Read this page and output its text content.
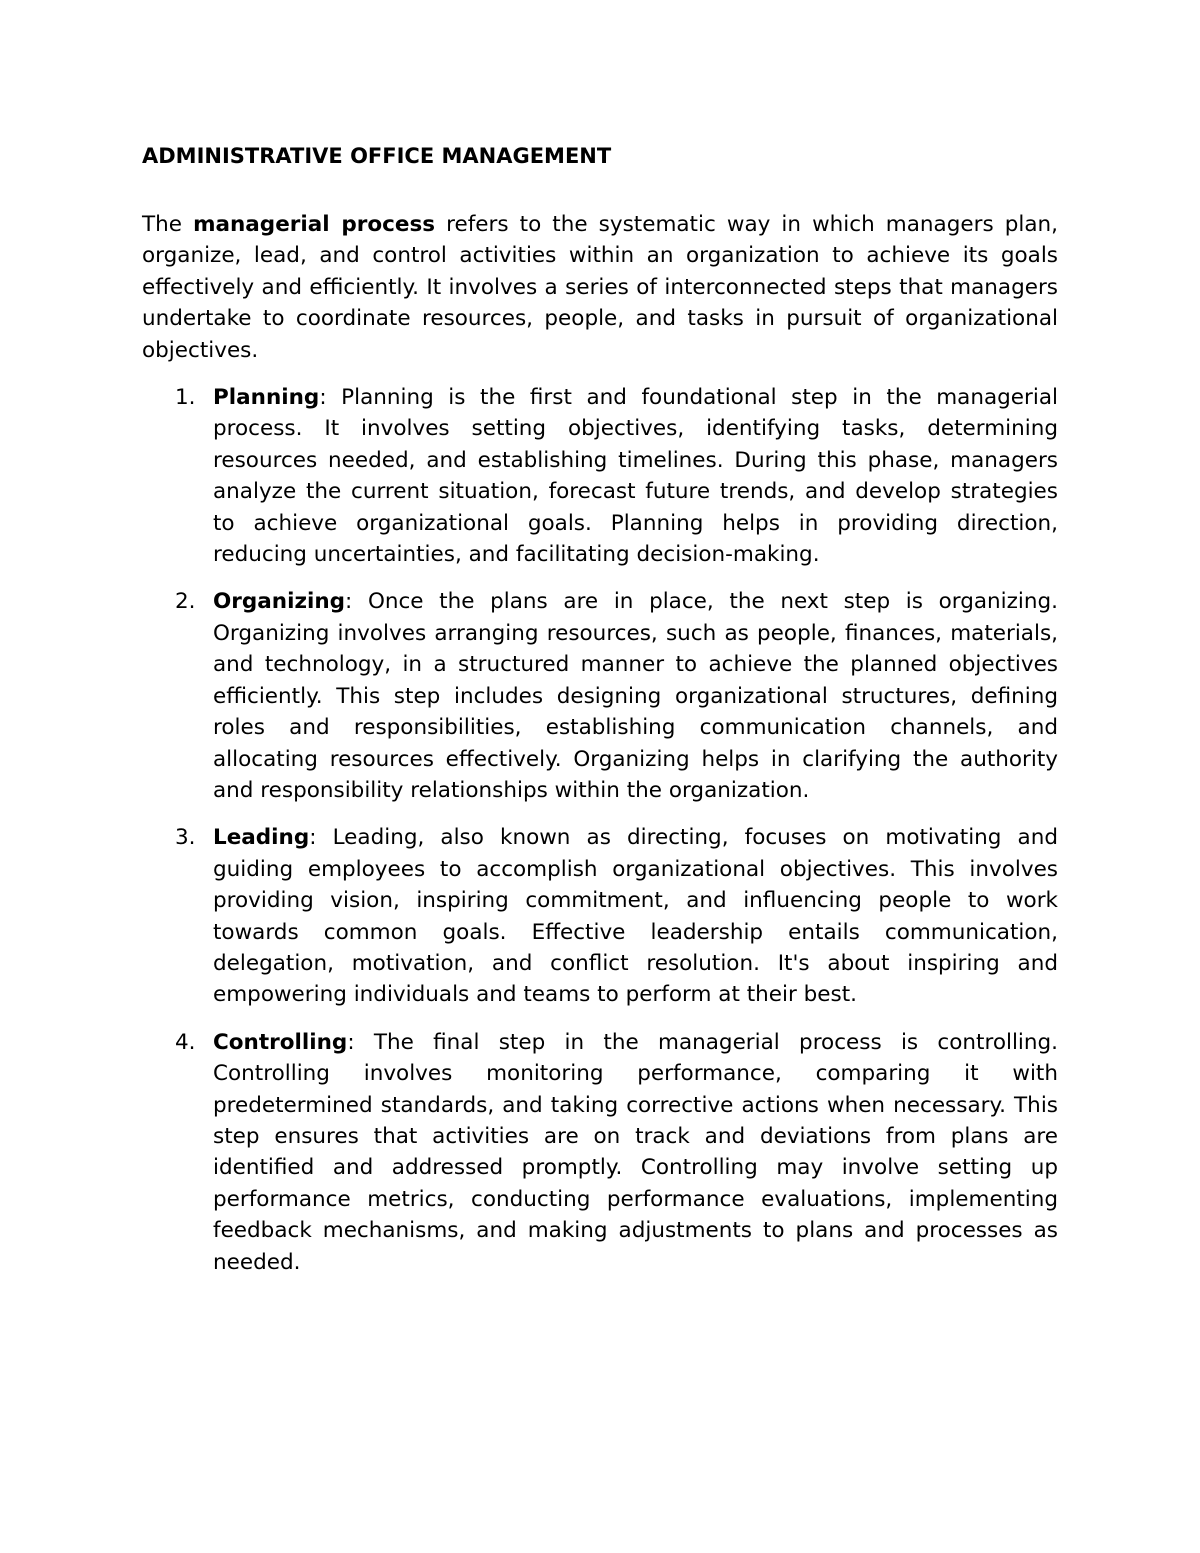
ADMINISTRATIVE OFFICE MANAGEMENT

The managerial process refers to the systematic way in which managers plan, organize, lead, and control activities within an organization to achieve its goals effectively and efficiently. It involves a series of interconnected steps that managers undertake to coordinate resources, people, and tasks in pursuit of organizational objectives.

1. Planning: Planning is the first and foundational step in the managerial process. It involves setting objectives, identifying tasks, determining resources needed, and establishing timelines. During this phase, managers analyze the current situation, forecast future trends, and develop strategies to achieve organizational goals. Planning helps in providing direction, reducing uncertainties, and facilitating decision-making.
2. Organizing: Once the plans are in place, the next step is organizing. Organizing involves arranging resources, such as people, finances, materials, and technology, in a structured manner to achieve the planned objectives efficiently. This step includes designing organizational structures, defining roles and responsibilities, establishing communication channels, and allocating resources effectively. Organizing helps in clarifying the authority and responsibility relationships within the organization.
3. Leading: Leading, also known as directing, focuses on motivating and guiding employees to accomplish organizational objectives. This involves providing vision, inspiring commitment, and influencing people to work towards common goals. Effective leadership entails communication, delegation, motivation, and conflict resolution. It's about inspiring and empowering individuals and teams to perform at their best.
4. Controlling: The final step in the managerial process is controlling. Controlling involves monitoring performance, comparing it with predetermined standards, and taking corrective actions when necessary. This step ensures that activities are on track and deviations from plans are identified and addressed promptly. Controlling may involve setting up performance metrics, conducting performance evaluations, implementing feedback mechanisms, and making adjustments to plans and processes as needed.
